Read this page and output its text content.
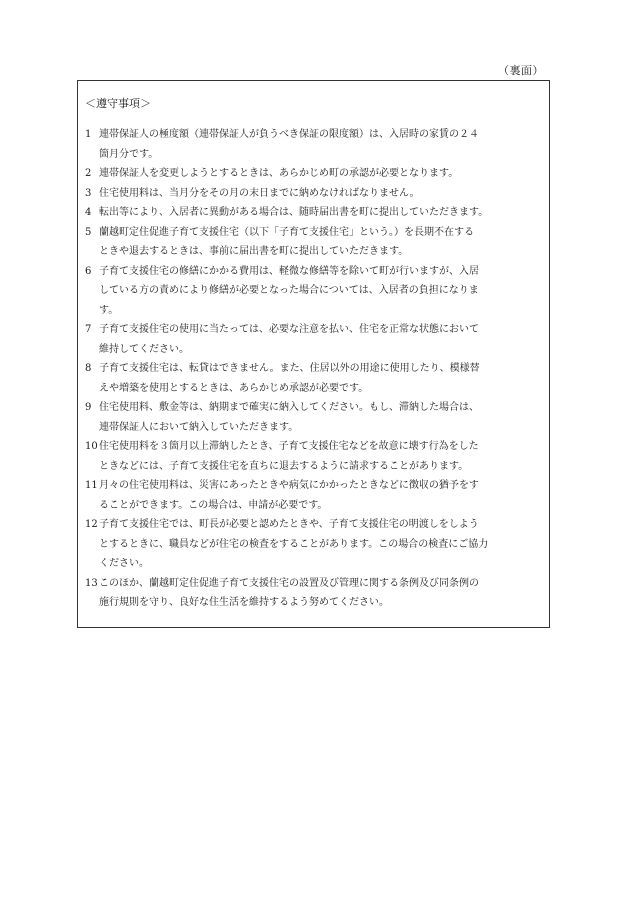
（裏面）
＜遵守事項＞
1 連帯保証人の極度額（連帯保証人が負うべき保証の限度額）は、入居時の家賃の２４
箇月分です。
2 連帯保証人を変更しようとするときは、あらかじめ町の承認が必要となります。
3 住宅使用料は、当月分をその月の末日までに納めなければなりません。
4 転出等により、入居者に異動がある場合は、随時届出書を町に提出していただきます。
5 蘭越町定住促進子育て支援住宅（以下「子育て支援住宅」という。）を長期不在する
ときや退去するときは、事前に届出書を町に提出していただきます。
6 子育て支援住宅の修繕にかかる費用は、軽微な修繕等を除いて町が行いますが、入居
している方の責めにより修繕が必要となった場合については、入居者の負担になりま
す。
7 子育て支援住宅の使用に当たっては、必要な注意を払い、住宅を正常な状態において
維持してください。
8 子育て支援住宅は、転貸はできません。また、住居以外の用途に使用したり、模様替
えや増築を使用とするときは、あらかじめ承認が必要です。
9 住宅使用料、敷金等は、納期まで確実に納入してください。もし、滞納した場合は、
連帯保証人において納入していただきます。
10 住宅使用料を３箇月以上滞納したとき、子育て支援住宅などを故意に壊す行為をした
ときなどには、子育て支援住宅を直ちに退去するように請求することがあります。
11 月々の住宅使用料は、災害にあったときや病気にかかったときなどに徴収の猶予をす
ることができます。この場合は、申請が必要です。
12 子育て支援住宅では、町長が必要と認めたときや、子育て支援住宅の明渡しをしよう
とするときに、職員などが住宅の検査をすることがあります。この場合の検査にご協力
ください。
13 このほか、蘭越町定住促進子育て支援住宅の設置及び管理に関する条例及び同条例の
施行規則を守り、良好な住生活を維持するよう努めてください。
